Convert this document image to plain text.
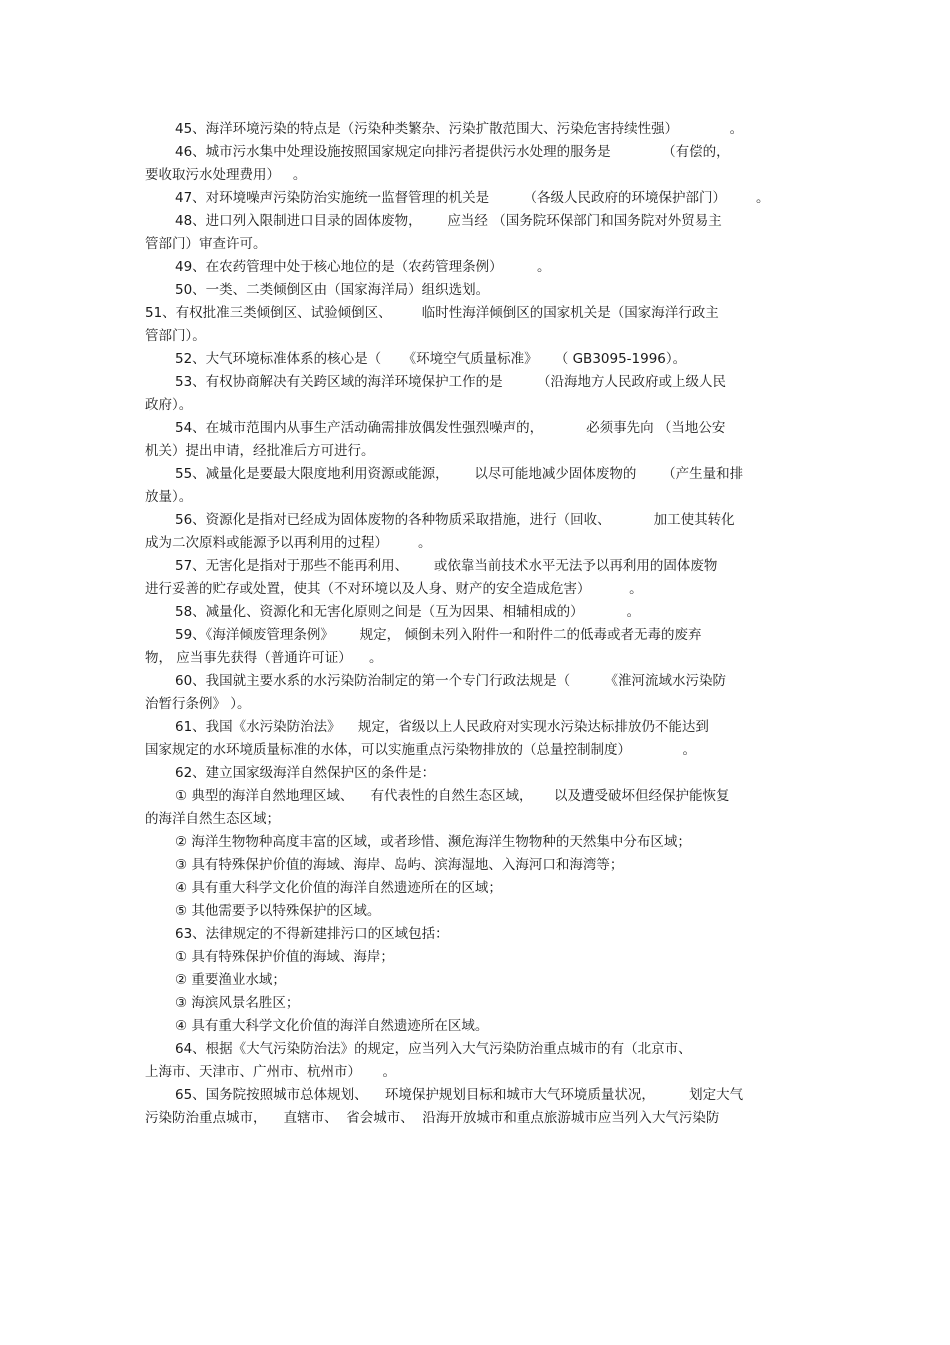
45、海洋环境污染的特点是（污染种类繁杂、污染扩散范围大、污染危害持续性强）            。
46、城市污水集中处理设施按照国家规定向排污者提供污水处理的服务是            （有偿的，
要收取污水处理费用）   。
47、对环境噪声污染防治实施统一监督管理的机关是        （各级人民政府的环境保护部门）       。
48、进口列入限制进口目录的固体废物，      应当经 （国务院环保部门和国务院对外贸易主
管部门）审查许可。
49、在农药管理中处于核心地位的是（农药管理条例）        。
50、一类、二类倾倒区由（国家海洋局）组织选划。
51、有权批准三类倾倒区、试验倾倒区、       临时性海洋倾倒区的国家机关是（国家海洋行政主
管部门）。
52、大气环境标准体系的核心是（     《环境空气质量标准》    （ GB3095-1996）。
53、有权协商解决有关跨区域的海洋环境保护工作的是        （沿海地方人民政府或上级人民
政府）。
54、在城市范围内从事生产活动确需排放偶发性强烈噪声的，          必须事先向 （当地公安
机关）提出申请，经批准后方可进行。
55、减量化是要最大限度地利用资源或能源，      以尽可能地减少固体废物的      （产生量和排
放量）。
56、资源化是指对已经成为固体废物的各种物质采取措施，进行（回收、          加工使其转化
成为二次原料或能源予以再利用的过程）       。
57、无害化是指对于那些不能再利用、      或依靠当前技术水平无法予以再利用的固体废物
进行妥善的贮存或处置，使其（不对环境以及人身、财产的安全造成危害）         。
58、减量化、资源化和无害化原则之间是（互为因果、相辅相成的）          。
59、《海洋倾废管理条例》      规定， 倾倒未列入附件一和附件二的低毒或者无毒的废弃
物， 应当事先获得（普通许可证）    。
60、我国就主要水系的水污染防治制定的第一个专门行政法规是（        《淮河流域水污染防
治暂行条例》 ）。
61、我国《水污染防治法》    规定，省级以上人民政府对实现水污染达标排放仍不能达到
国家规定的水环境质量标准的水体，可以实施重点污染物排放的（总量控制制度）            。
62、建立国家级海洋自然保护区的条件是：
① 典型的海洋自然地理区域、    有代表性的自然生态区域，     以及遭受破坏但经保护能恢复
的海洋自然生态区域；
② 海洋生物物种高度丰富的区域，或者珍惜、濒危海洋生物物种的天然集中分布区域；
③ 具有特殊保护价值的海域、海岸、岛屿、滨海湿地、入海河口和海湾等；
④ 具有重大科学文化价值的海洋自然遗迹所在的区域；
⑤ 其他需要予以特殊保护的区域。
63、法律规定的不得新建排污口的区域包括：
① 具有特殊保护价值的海域、海岸；
② 重要渔业水域；
③ 海滨风景名胜区；
④ 具有重大科学文化价值的海洋自然遗迹所在区域。
64、根据《大气污染防治法》的规定，应当列入大气污染防治重点城市的有（北京市、
上海市、天津市、广州市、杭州市）     。
65、国务院按照城市总体规划、    环境保护规划目标和城市大气环境质量状况，        划定大气
污染防治重点城市，    直辖市、  省会城市、  沿海开放城市和重点旅游城市应当列入大气污染防
